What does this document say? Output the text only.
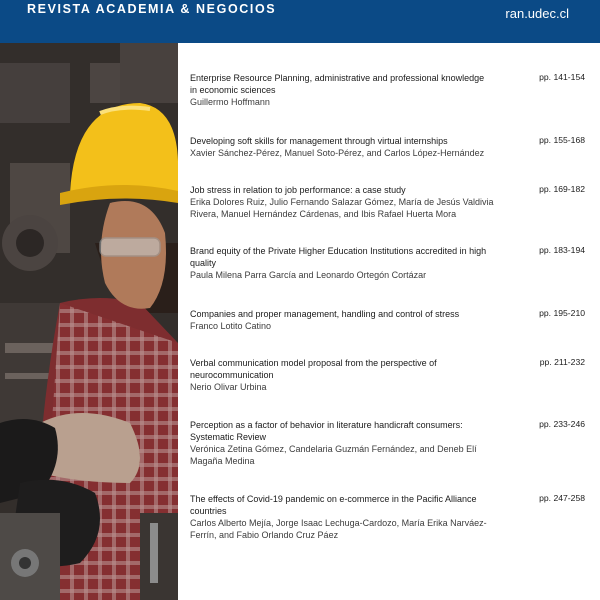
REVISTA ACADEMIA & NEGOCIOS	ran.udec.cl
Enterprise Resource Planning, administrative and professional knowledge in economic sciences
Guillermo Hoffmann
pp. 141-154
Developing soft skills for management through virtual internships
Xavier Sánchez-Pérez, Manuel Soto-Pérez, and Carlos López-Hernández
pp. 155-168
Job stress in relation to job performance: a case study
Erika Dolores Ruiz, Julio Fernando Salazar Gómez, María de Jesús Valdivia Rivera, Manuel Hernández Cárdenas, and Ibis Rafael Huerta Mora
pp. 169-182
Brand equity of the Private Higher Education Institutions accredited in high quality
Paula Milena Parra García and Leonardo Ortegón Cortázar
pp. 183-194
Companies and proper management, handling and control of stress
Franco Lotito Catino
pp. 195-210
Verbal communication model proposal from the perspective of neurocommunication
Nerio Olivar Urbina
pp. 211-232
Perception as a factor of behavior in literature handicraft consumers: Systematic Review
Verónica Zetina Gómez, Candelaria Guzmán Fernández, and Deneb Elí Magaña Medina
pp. 233-246
The effects of Covid-19 pandemic on e-commerce in the Pacific Alliance countries
Carlos Alberto Mejía, Jorge Isaac Lechuga-Cardozo, María Erika Narváez-Ferrín, and Fabio Orlando Cruz Páez
pp. 247-258
